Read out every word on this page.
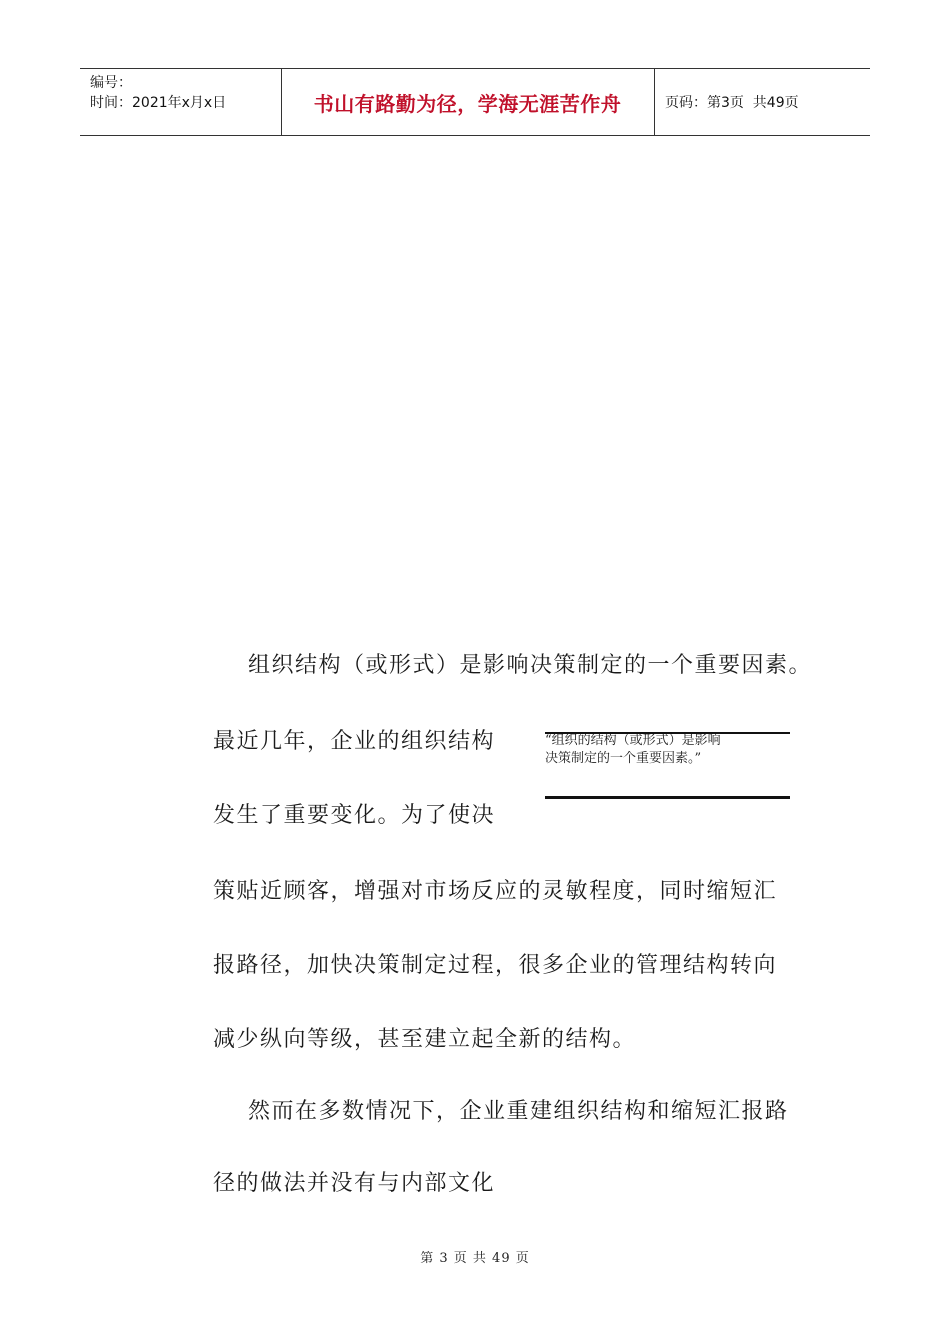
编号：
时间：2021年x月x日	书山有路勤为径，学海无涯苦作舟	页码：第3页  共49页
组织结构（或形式）是影响决策制定的一个重要因素。
最近几年，企业的组织结构
发生了重要变化。为了使决
策贴近顾客，增强对市场反应的灵敏程度，同时缩短汇
报路径，加快决策制定过程，很多企业的管理结构转向
减少纵向等级，甚至建立起全新的结构。
然而在多数情况下，企业重建组织结构和缩短汇报路
径的做法并没有与内部文化
“组织的结构（或形式）是影响
决策制定的一个重要因素。”
第 3 页 共 49 页
